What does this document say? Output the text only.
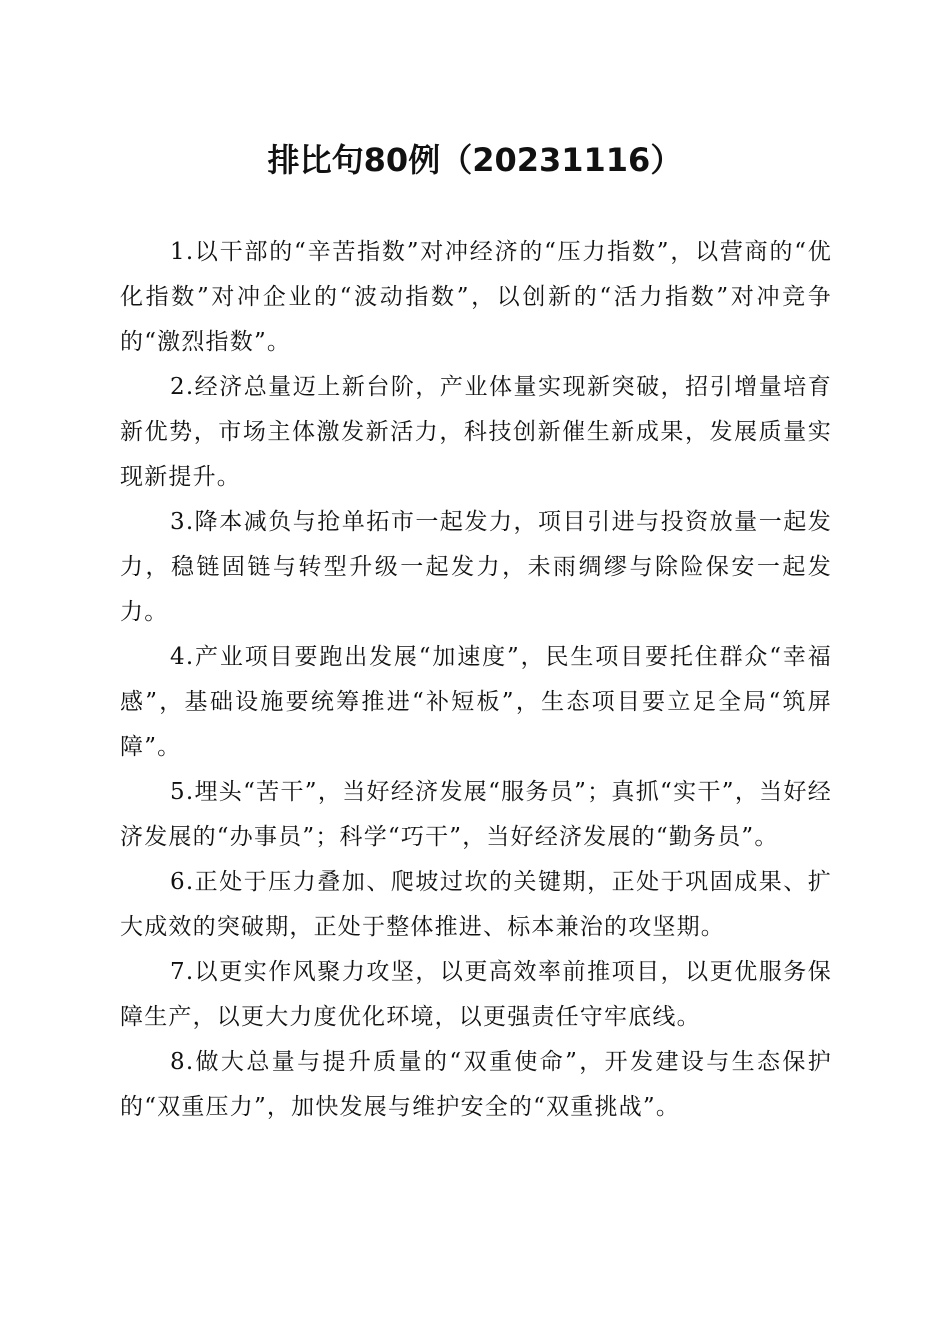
排比句80例（20231116）

1.以干部的“辛苦指数”对冲经济的“压力指数”，以营商的“优化指数”对冲企业的“波动指数”，以创新的“活力指数”对冲竞争的“激烈指数”。

2.经济总量迈上新台阶，产业体量实现新突破，招引增量培育新优势，市场主体激发新活力，科技创新催生新成果，发展质量实现新提升。

3.降本减负与抢单拓市一起发力，项目引进与投资放量一起发力，稳链固链与转型升级一起发力，未雨绸缪与除险保安一起发力。

4.产业项目要跑出发展“加速度”，民生项目要托住群众“幸福感”，基础设施要统筹推进“补短板”，生态项目要立足全局“筑屏障”。

5.埋头“苦干”，当好经济发展“服务员”；真抓“实干”，当好经济发展的“办事员”；科学“巧干”，当好经济发展的“勤务员”。

6.正处于压力叠加、爬坡过坎的关键期，正处于巩固成果、扩大成效的突破期，正处于整体推进、标本兼治的攻坚期。

7.以更实作风聚力攻坚，以更高效率前推项目，以更优服务保障生产，以更大力度优化环境，以更强责任守牢底线。

8.做大总量与提升质量的“双重使命”，开发建设与生态保护的“双重压力”，加快发展与维护安全的“双重挑战”。
